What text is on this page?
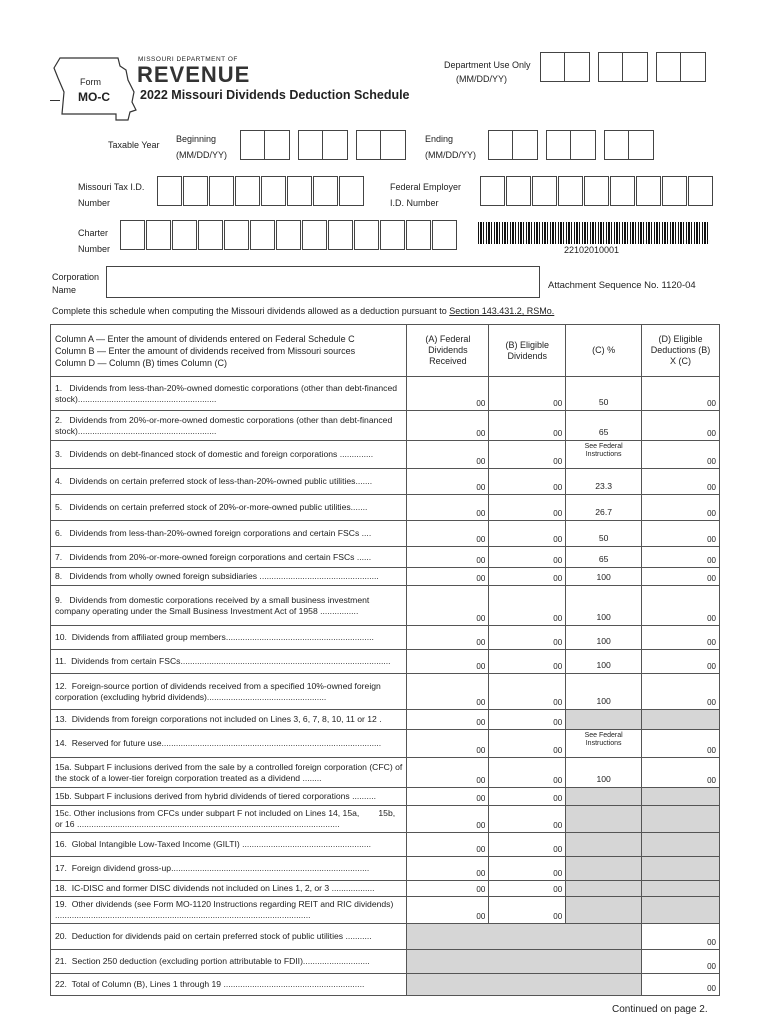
Form
MO-C
MISSOURI DEPARTMENT OF
REVENUE
2022 Missouri Dividends Deduction Schedule
Department Use Only
(MM/DD/YY)
Taxable Year
Beginning
(MM/DD/YY)
Ending
(MM/DD/YY)
Missouri Tax I.D.
Number
Federal Employer
I.D. Number
Charter
Number	22102010001
Corporation
Name	Attachment Sequence No. 1120-04
Complete this schedule when computing the Missouri dividends allowed as a deduction pursuant to Section 143.431.2, RSMo.
Column A — Enter the amount of dividends entered on Federal Schedule C
Column B — Enter the amount of dividends received from Missouri sources
Column D — Column (B) times Column (C)	(A) Federal Dividends Received	(B) Eligible Dividends	(C) %	(D) Eligible Deductions (B) X (C)
1.   Dividends from less-than-20%-owned domestic corporations (other than debt-financed stock)..........................................................	00	00	50	00
2.   Dividends from 20%-or-more-owned domestic corporations (other than debt-financed stock)..........................................................	00	00	65	00
3.   Dividends on debt-financed stock of domestic and foreign corporations ..............	00	00	See Federal Instructions	00
4.   Dividends on certain preferred stock of less-than-20%-owned public utilities.......	00	00	23.3	00
5.   Dividends on certain preferred stock of 20%-or-more-owned public utilities.......	00	00	26.7	00
6.   Dividends from less-than-20%-owned foreign corporations and certain FSCs ....	00	00	50	00
7.   Dividends from 20%-or-more-owned foreign corporations and certain FSCs ......	00	00	65	00
8.   Dividends from wholly owned foreign subsidiaries ..................................................	00	00	100	00
9.   Dividends from domestic corporations received by a small business investment company operating under the Small Business Investment Act of 1958 ................	00	00	100	00
10.  Dividends from affiliated group members..............................................................	00	00	100	00
11.  Dividends from certain FSCs........................................................................................	00	00	100	00
12.  Foreign-source portion of dividends received from a specified 10%-owned foreign corporation (excluding hybrid dividends)..................................................	00	00	100	00
13.  Dividends from foreign corporations not included on Lines 3, 6, 7, 8, 10, 11 or 12 .	00	00		
14.  Reserved for future use............................................................................................	00	00	See Federal Instructions	00
15a. Subpart F inclusions derived from the sale by a controlled foreign corporation (CFC) of the stock of a lower-tier foreign corporation treated as a dividend ........	00	00	100	00
15b. Subpart F inclusions derived from hybrid dividends of tiered corporations ..........	00	00		
15c. Other inclusions from CFCs under subpart F not included on Lines 14, 15a,        15b, or 16 ..............................................................................................................	00	00		
16.  Global Intangible Low-Taxed Income (GILTI) ......................................................	00	00		
17.  Foreign dividend gross-up...................................................................................	00	00		
18.  IC-DISC and former DISC dividends not included on Lines 1, 2, or 3 ..................	00	00		
19.  Other dividends (see Form MO-1120 Instructions regarding REIT and RIC dividends) ...........................................................................................................	00	00		
20.  Deduction for dividends paid on certain preferred stock of public utilities ...........				00
21.  Section 250 deduction (excluding portion attributable to FDII)............................				00
22.  Total of Column (B), Lines 1 through 19 ...........................................................				00
Continued on page 2.
